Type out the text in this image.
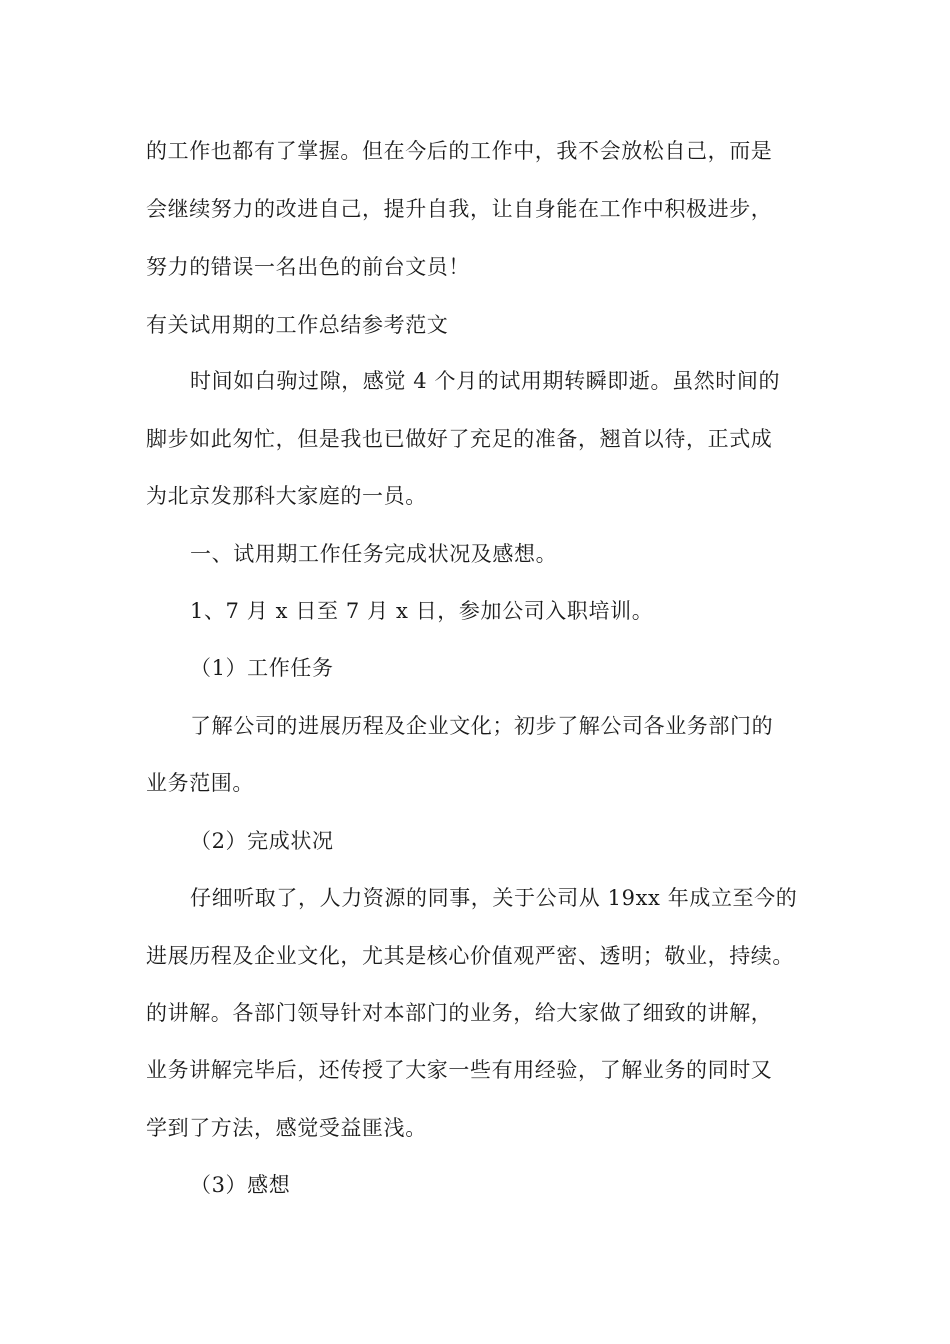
的工作也都有了掌握。但在今后的工作中，我不会放松自己，而是
会继续努力的改进自己，提升自我，让自身能在工作中积极进步，
努力的错误一名出色的前台文员！
有关试用期的工作总结参考范文
时间如白驹过隙，感觉 4 个月的试用期转瞬即逝。虽然时间的
脚步如此匆忙，但是我也已做好了充足的准备，翘首以待，正式成
为北京发那科大家庭的一员。
一、试用期工作任务完成状况及感想。
1、7 月 x 日至 7 月 x 日，参加公司入职培训。
（1）工作任务
了解公司的进展历程及企业文化；初步了解公司各业务部门的
业务范围。
（2）完成状况
仔细听取了，人力资源的同事，关于公司从 19xx 年成立至今的
进展历程及企业文化，尤其是核心价值观严密、透明；敬业，持续。
的讲解。各部门领导针对本部门的业务，给大家做了细致的讲解，
业务讲解完毕后，还传授了大家一些有用经验，了解业务的同时又
学到了方法，感觉受益匪浅。
（3）感想
